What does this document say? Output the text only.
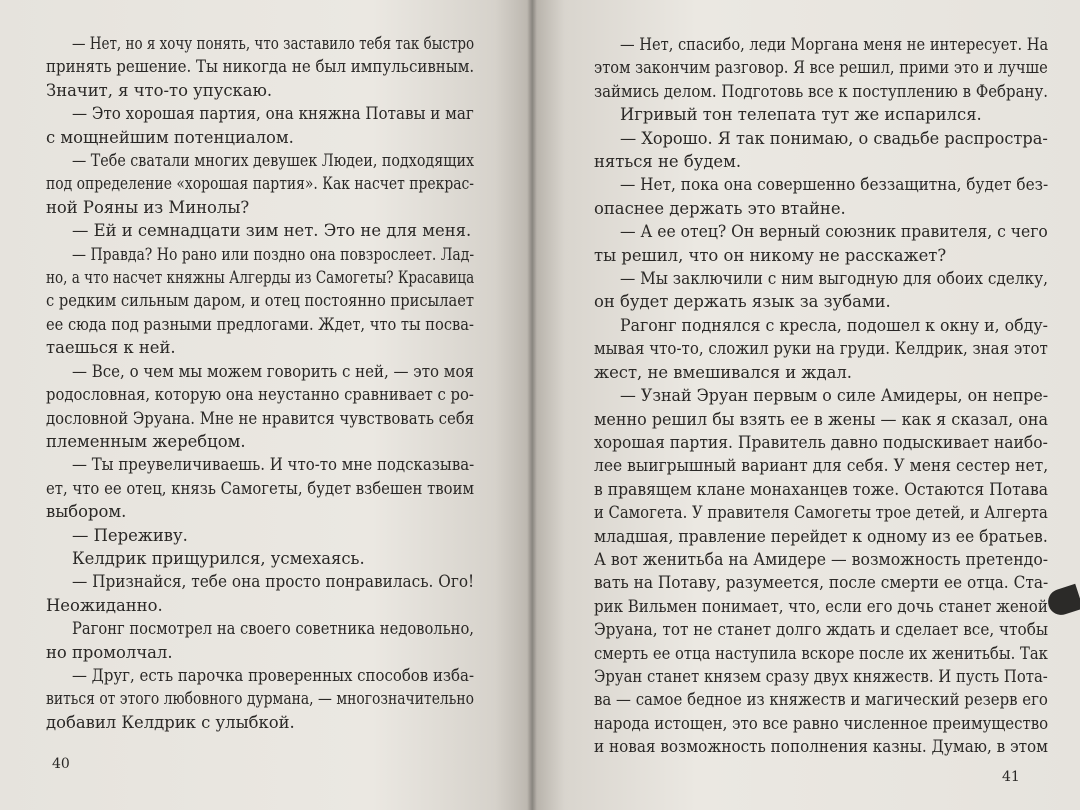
— Нет, но я хочу понять, что заставило тебя так быстро
принять решение. Ты никогда не был импульсивным.
Значит, я что-то упускаю.
— Это хорошая партия, она княжна Потавы и маг
с мощнейшим потенциалом.
— Тебе сватали многих девушек Людеи, подходящих
под определение «хорошая партия». Как насчет прекрас-
ной Рояны из Минолы?
— Ей и семнадцати зим нет. Это не для меня.
— Правда? Но рано или поздно она повзрослеет. Лад-
но, а что насчет княжны Алгерды из Самогеты? Красавица
с редким сильным даром, и отец постоянно присылает
ее сюда под разными предлогами. Ждет, что ты посва-
таешься к ней.
— Все, о чем мы можем говорить с ней, — это моя
родословная, которую она неустанно сравнивает с ро-
дословной Эруана. Мне не нравится чувствовать себя
племенным жеребцом.
— Ты преувеличиваешь. И что-то мне подсказыва-
ет, что ее отец, князь Самогеты, будет взбешен твоим
выбором.
— Переживу.
Келдрик прищурился, усмехаясь.
— Признайся, тебе она просто понравилась. Ого!
Неожиданно.
Рагонг посмотрел на своего советника недовольно,
но промолчал.
— Друг, есть парочка проверенных способов изба-
виться от этого любовного дурмана, — многозначительно
добавил Келдрик с улыбкой.
40
— Нет, спасибо, леди Моргана меня не интересует. На
этом закончим разговор. Я все решил, прими это и лучше
займись делом. Подготовь все к поступлению в Фебрану.
Игривый тон телепата тут же испарился.
— Хорошо. Я так понимаю, о свадьбе распростра-
няться не будем.
— Нет, пока она совершенно беззащитна, будет без-
опаснее держать это втайне.
— А ее отец? Он верный союзник правителя, с чего
ты решил, что он никому не расскажет?
— Мы заключили с ним выгодную для обоих сделку,
он будет держать язык за зубами.
Рагонг поднялся с кресла, подошел к окну и, обду-
мывая что-то, сложил руки на груди. Келдрик, зная этот
жест, не вмешивался и ждал.
— Узнай Эруан первым о силе Амидеры, он непре-
менно решил бы взять ее в жены — как я сказал, она
хорошая партия. Правитель давно подыскивает наибо-
лее выигрышный вариант для себя. У меня сестер нет,
в правящем клане монаханцев тоже. Остаются Потава
и Самогета. У правителя Самогеты трое детей, и Алгерта
младшая, правление перейдет к одному из ее братьев.
А вот женитьба на Амидере — возможность претендо-
вать на Потаву, разумеется, после смерти ее отца. Ста-
рик Вильмен понимает, что, если его дочь станет женой
Эруана, тот не станет долго ждать и сделает все, чтобы
смерть ее отца наступила вскоре после их женитьбы. Так
Эруан станет князем сразу двух княжеств. И пусть Пота-
ва — самое бедное из княжеств и магический резерв его
народа истощен, это все равно численное преимущество
и новая возможность пополнения казны. Думаю, в этом
41
